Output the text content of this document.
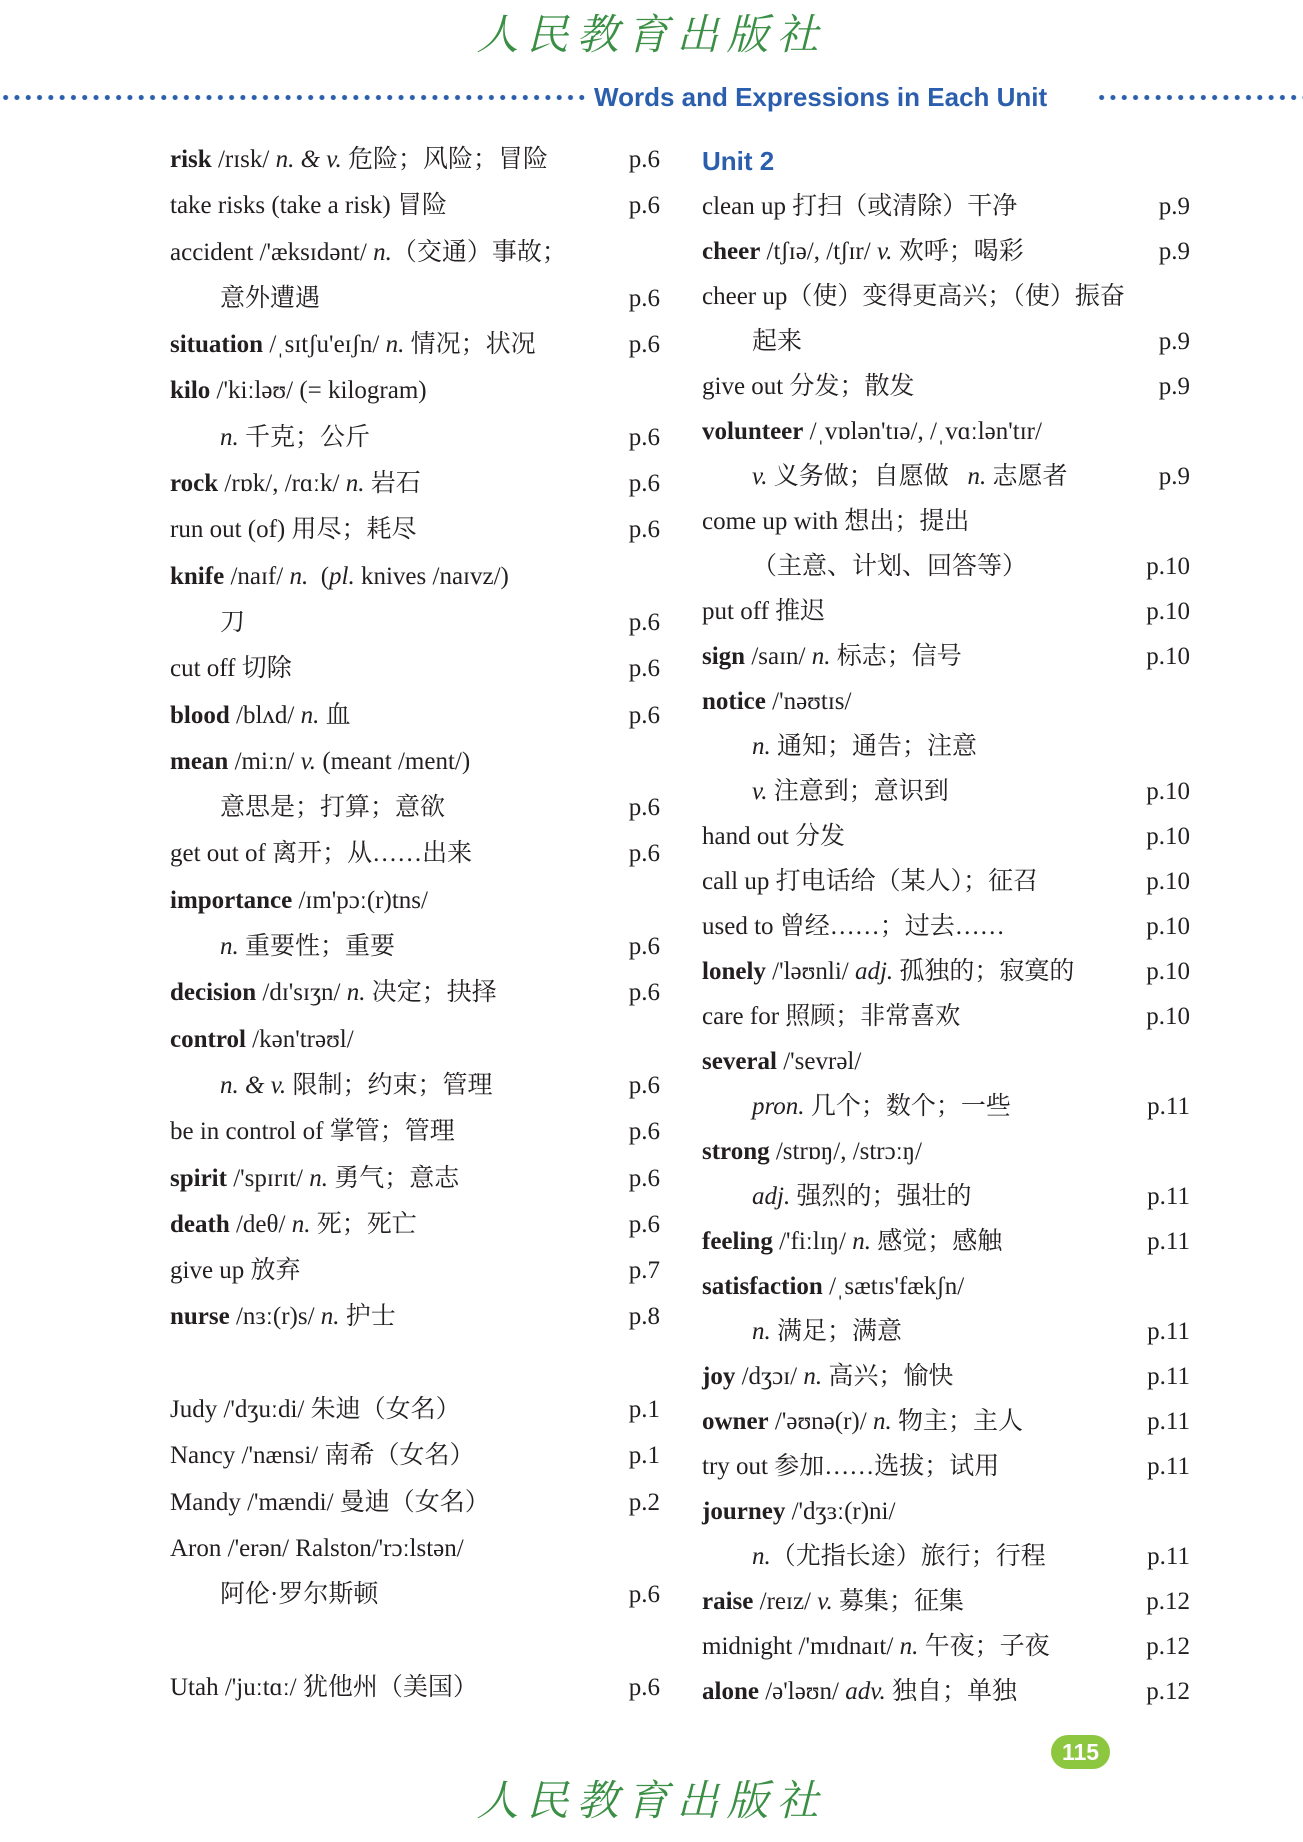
人民教育出版社
Words and Expressions in Each Unit
risk /rɪsk/ n. & v. 危险；风险；冒险	p.6
take risks (take a risk) 冒险	p.6
accident /'æksɪdənt/ n.（交通）事故；
意外遭遇	p.6
situation /ˌsɪtʃu'eɪʃn/ n. 情况；状况	p.6
kilo /'kiːləʊ/ (= kilogram)
n. 千克；公斤	p.6
rock /rɒk/, /rɑːk/ n. 岩石	p.6
run out (of) 用尽；耗尽	p.6
knife /naɪf/ n.  (pl. knives /naɪvz/)
刀	p.6
cut off 切除	p.6
blood /blʌd/ n. 血	p.6
mean /miːn/ v. (meant /ment/)
意思是；打算；意欲	p.6
get out of 离开；从……出来	p.6
importance /ɪm'pɔː(r)tns/
n. 重要性；重要	p.6
decision /dɪ'sɪʒn/ n. 决定；抉择	p.6
control /kən'trəʊl/
n. & v. 限制；约束；管理	p.6
be in control of 掌管；管理	p.6
spirit /'spɪrɪt/ n. 勇气；意志	p.6
death /deθ/ n. 死；死亡	p.6
give up 放弃	p.7
nurse /nɜː(r)s/ n. 护士	p.8
Judy /'dʒuːdi/ 朱迪（女名）	p.1
Nancy /'nænsi/ 南希（女名）	p.1
Mandy /'mændi/ 曼迪（女名）	p.2
Aron /'erən/ Ralston/'rɔːlstən/
阿伦·罗尔斯顿	p.6
Utah /'juːtɑː/ 犹他州（美国）	p.6
Unit 2
clean up 打扫（或清除）干净	p.9
cheer /tʃɪə/, /tʃɪr/ v. 欢呼；喝彩	p.9
cheer up（使）变得更高兴；（使）振奋
起来	p.9
give out 分发；散发	p.9
volunteer /ˌvɒlən'tɪə/, /ˌvɑːlən'tɪr/
v. 义务做；自愿做   n. 志愿者	p.9
come up with 想出；提出
（主意、计划、回答等）	p.10
put off 推迟	p.10
sign /saɪn/ n. 标志；信号	p.10
notice /'nəʊtɪs/
n. 通知；通告；注意
v. 注意到；意识到	p.10
hand out 分发	p.10
call up 打电话给（某人）；征召	p.10
used to 曾经……；过去……	p.10
lonely /'ləʊnli/ adj. 孤独的；寂寞的	p.10
care for 照顾；非常喜欢	p.10
several /'sevrəl/
pron. 几个；数个；一些	p.11
strong /strɒŋ/, /strɔːŋ/
adj. 强烈的；强壮的	p.11
feeling /'fiːlɪŋ/ n. 感觉；感触	p.11
satisfaction /ˌsætɪs'fækʃn/
n. 满足；满意	p.11
joy /dʒɔɪ/ n. 高兴；愉快	p.11
owner /'əʊnə(r)/ n. 物主；主人	p.11
try out 参加……选拔；试用	p.11
journey /'dʒɜː(r)ni/
n.（尤指长途）旅行；行程	p.11
raise /reɪz/ v. 募集；征集	p.12
midnight /'mɪdnaɪt/ n. 午夜；子夜	p.12
alone /ə'ləʊn/ adv. 独自；单独	p.12
115
人民教育出版社
